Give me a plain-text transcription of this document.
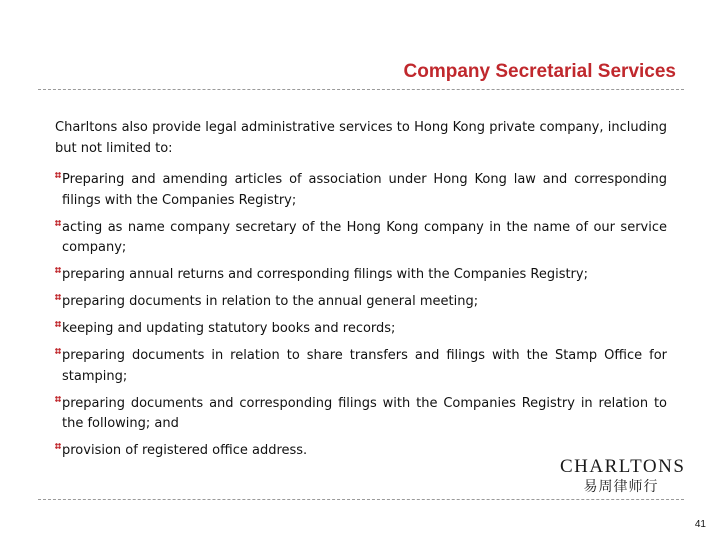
Company Secretarial Services

Charltons also provide legal administrative services to Hong Kong private company, including but not limited to:

Preparing and amending articles of association under Hong Kong law and corresponding filings with the Companies Registry;
acting as name company secretary of the Hong Kong company in the name of our service company;
preparing annual returns and corresponding filings with the Companies Registry;
preparing documents in relation to the annual general meeting;
keeping and updating statutory books and records;
preparing documents in relation to share transfers and filings with the Stamp Office for stamping;
preparing documents and corresponding filings with the Companies Registry in relation to the following; and
provision of registered office address.
CHARLTONS
易周律师行
41
